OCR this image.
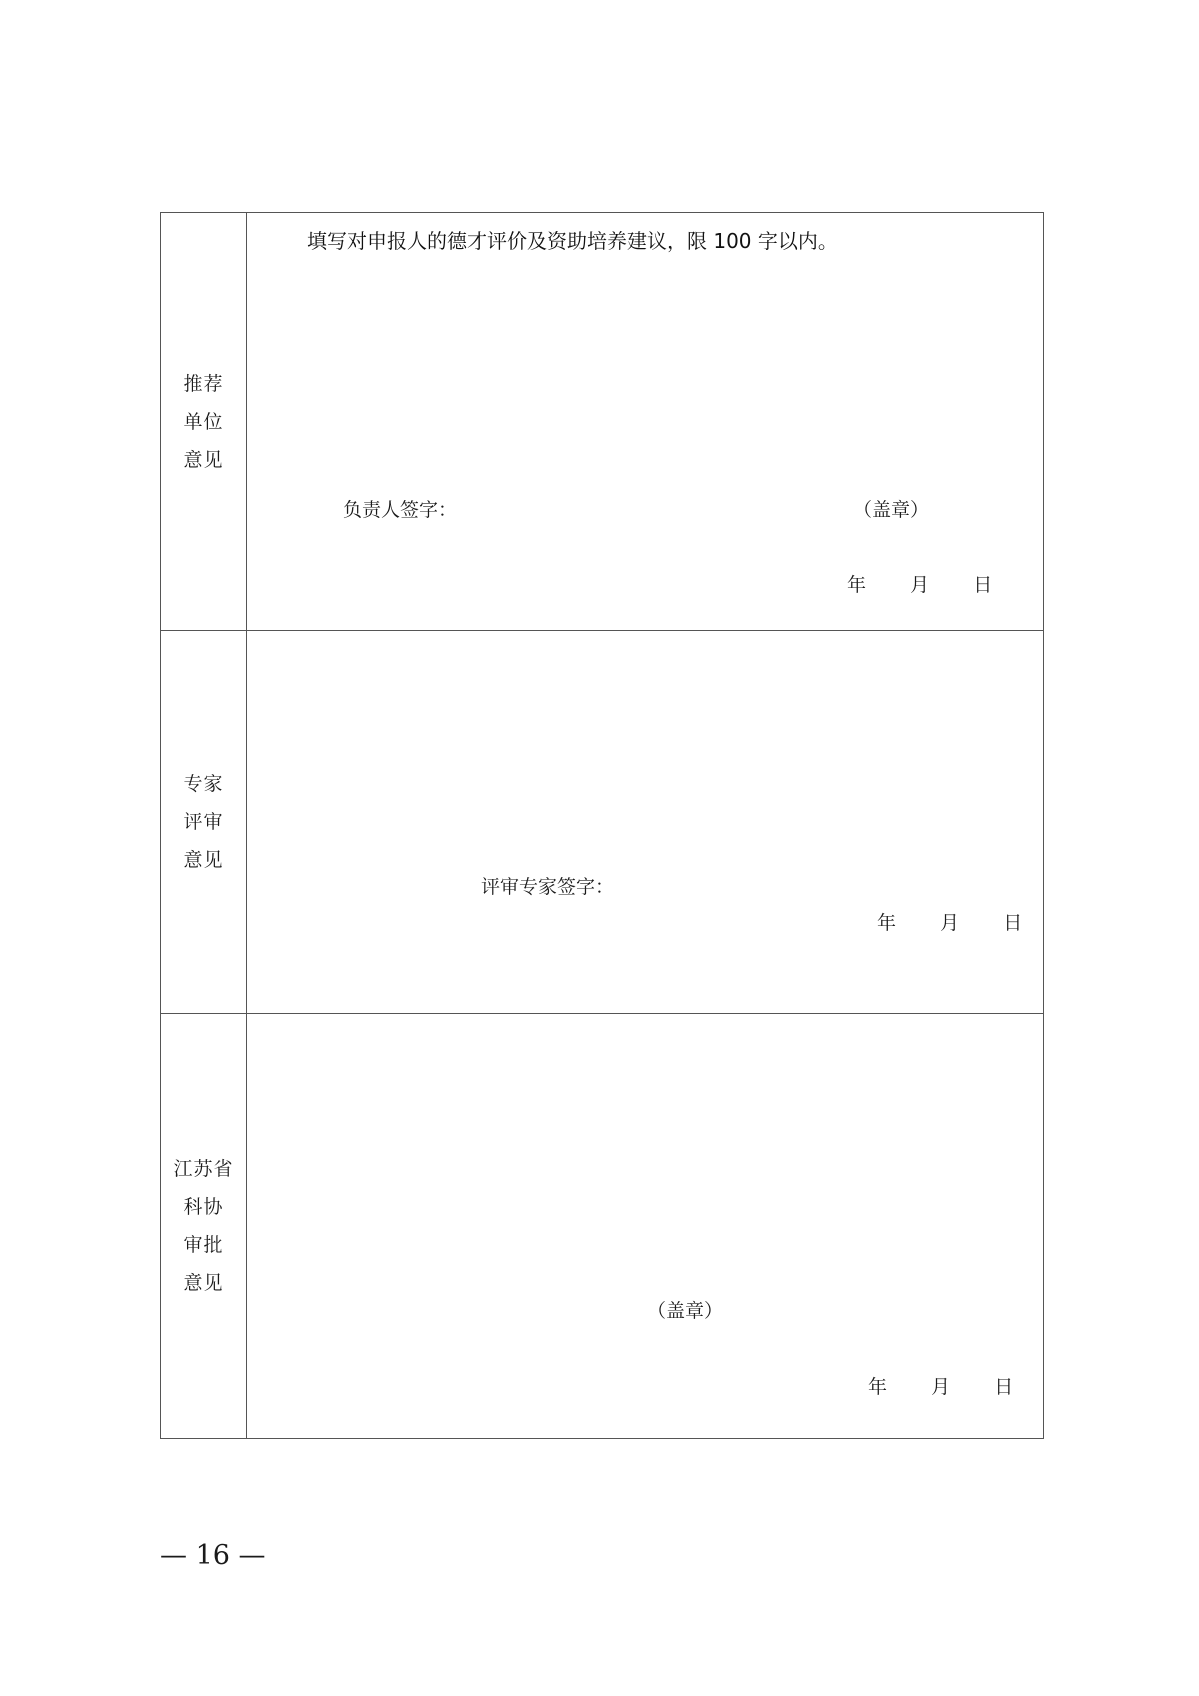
推荐
单位
意见
填写对申报人的德才评价及资助培养建议，限 100 字以内。
负责人签字：	（盖章）
年 月 日
专家
评审
意见
评审专家签字：
年 月 日
江苏省
科协
审批
意见
（盖章）
年 月 日
— 16 —
